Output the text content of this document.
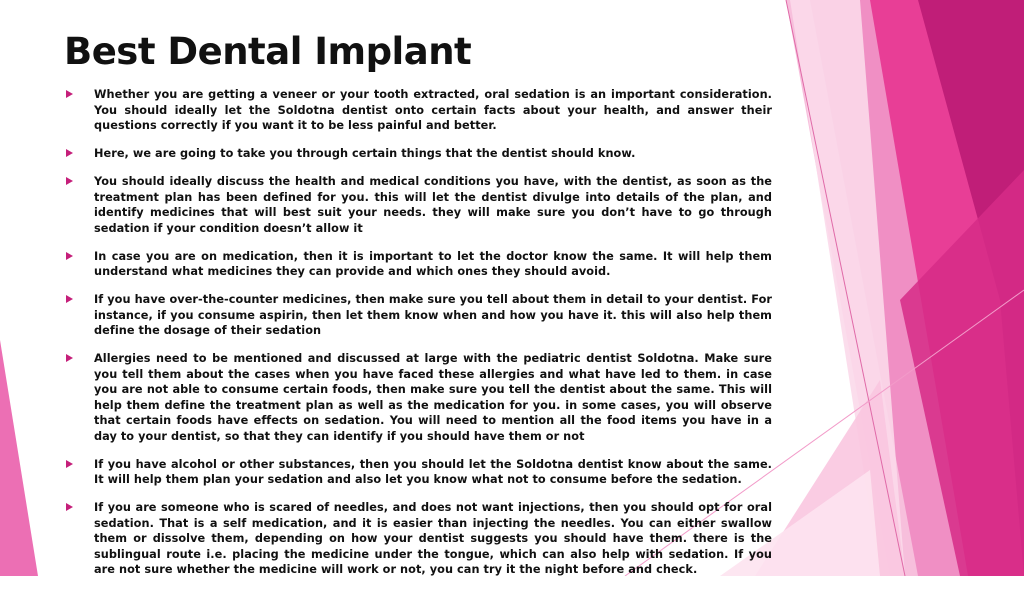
Best Dental Implant
Whether you are getting a veneer or your tooth extracted, oral sedation is an important consideration. You should ideally let the Soldotna dentist onto certain facts about your health, and answer their questions correctly if you want it to be less painful and better.
Here, we are going to take you through certain things that the dentist should know.
You should ideally discuss the health and medical conditions you have, with the dentist, as soon as the treatment plan has been defined for you. this will let the dentist divulge into details of the plan, and identify medicines that will best suit your needs. they will make sure you don’t have to go through sedation if your condition doesn’t allow it
In case you are on medication, then it is important to let the doctor know the same. It will help them understand what medicines they can provide and which ones they should avoid.
If you have over-the-counter medicines, then make sure you tell about them in detail to your dentist. For instance, if you consume aspirin, then let them know when and how you have it. this will also help them define the dosage of their sedation
Allergies need to be mentioned and discussed at large with the pediatric dentist Soldotna. Make sure you tell them about the cases when you have faced these allergies and what have led to them. in case you are not able to consume certain foods, then make sure you tell the dentist about the same. This will help them define the treatment plan as well as the medication for you. in some cases, you will observe that certain foods have effects on sedation. You will need to mention all the food items you have in a day to your dentist, so that they can identify if you should have them or not
If you have alcohol or other substances, then you should let the Soldotna dentist know about the same. It will help them plan your sedation and also let you know what not to consume before the sedation.
If you are someone who is scared of needles, and does not want injections, then you should opt for oral sedation. That is a self medication, and it is easier than injecting the needles. You can either swallow them or dissolve them, depending on how your dentist suggests you should have them. there is the sublingual route i.e. placing the medicine under the tongue, which can also help with sedation. If you are not sure whether the medicine will work or not, you can try it the night before and check.
